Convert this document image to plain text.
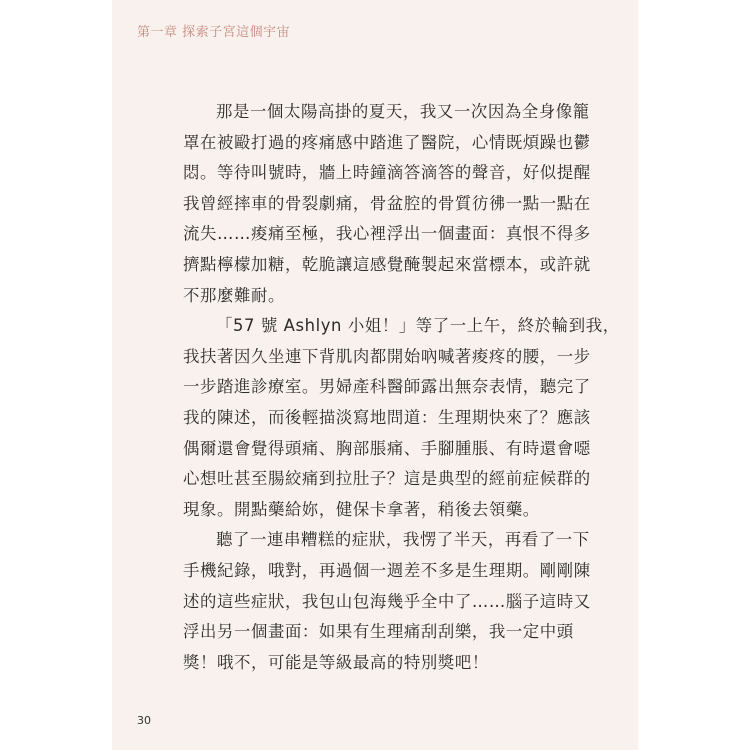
第一章 探索子宮這個宇宙
那是一個太陽高掛的夏天，我又一次因為全身像籠
罩在被毆打過的疼痛感中踏進了醫院，心情既煩躁也鬱
悶。等待叫號時，牆上時鐘滴答滴答的聲音，好似提醒
我曾經摔車的骨裂劇痛，骨盆腔的骨質彷彿一點一點在
流失……痠痛至極，我心裡浮出一個畫面：真恨不得多
擠點檸檬加糖，乾脆讓這感覺醃製起來當標本，或許就
不那麼難耐。
「57 號 Ashlyn 小姐！」等了一上午，終於輪到我，
我扶著因久坐連下背肌肉都開始吶喊著痠疼的腰，一步
一步踏進診療室。男婦產科醫師露出無奈表情，聽完了
我的陳述，而後輕描淡寫地問道：生理期快來了？應該
偶爾還會覺得頭痛、胸部脹痛、手腳腫脹、有時還會噁
心想吐甚至腸絞痛到拉肚子？這是典型的經前症候群的
現象。開點藥給妳，健保卡拿著，稍後去領藥。
聽了一連串糟糕的症狀，我愣了半天，再看了一下
手機紀錄，哦對，再過個一週差不多是生理期。剛剛陳
述的這些症狀，我包山包海幾乎全中了……腦子這時又
浮出另一個畫面：如果有生理痛刮刮樂，我一定中頭
獎！哦不，可能是等級最高的特別獎吧！
30
